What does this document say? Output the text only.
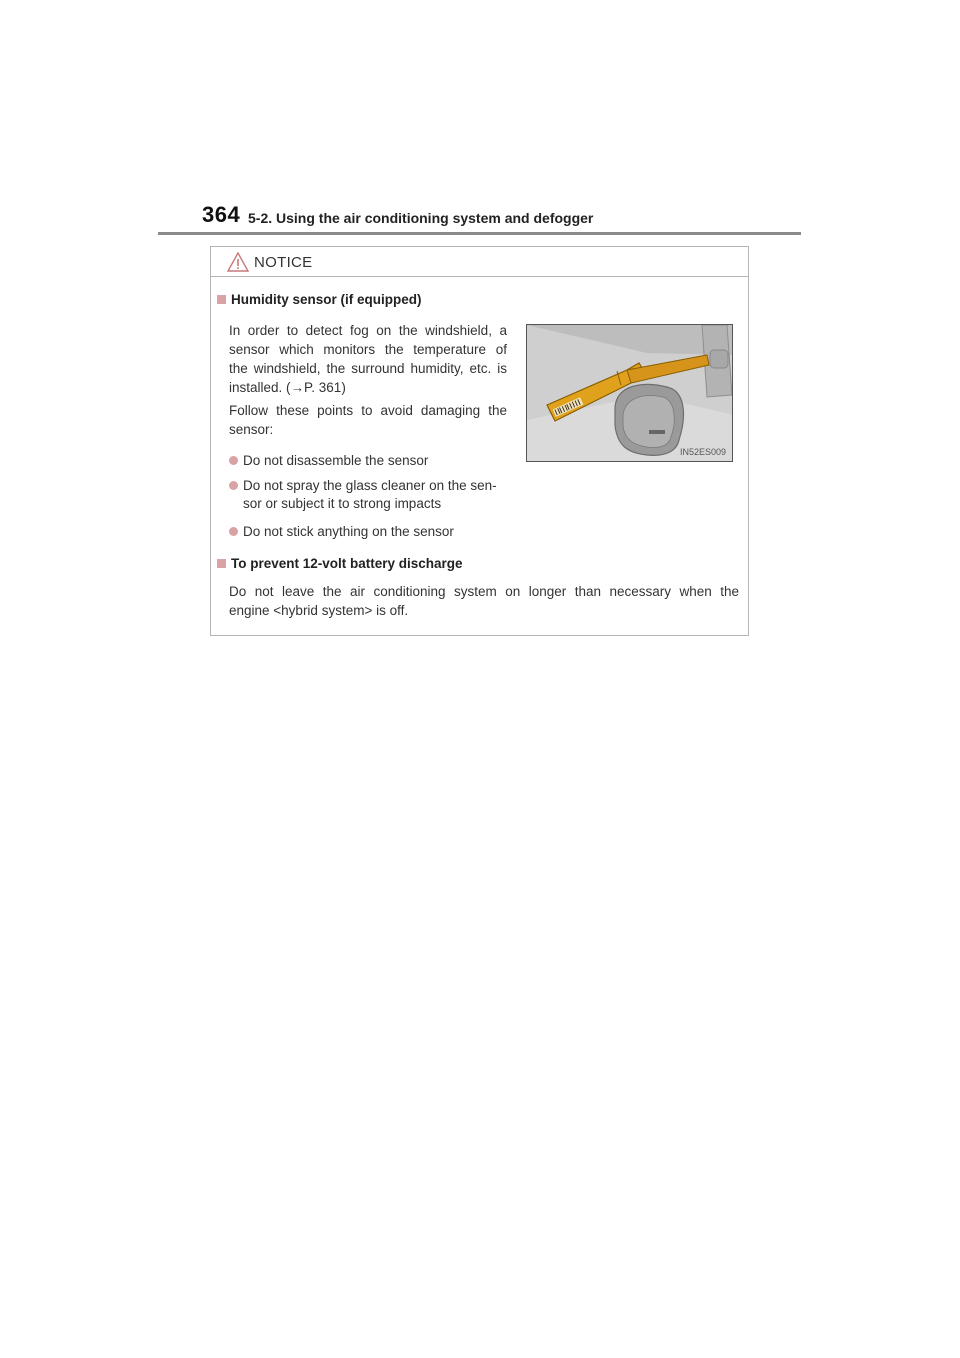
364 5-2. Using the air conditioning system and defogger
NOTICE
Humidity sensor (if equipped)
In order to detect fog on the windshield, a
sensor which monitors the temperature of
the windshield, the surround humidity, etc. is
installed. (→P. 361)
Follow these points to avoid damaging the
sensor:
Do not disassemble the sensor
Do not spray the glass cleaner on the sen-
sor or subject it to strong impacts
Do not stick anything on the sensor
IN52ES009
To prevent 12-volt battery discharge
Do not leave the air conditioning system on longer than necessary when the
engine <hybrid system> is off.
